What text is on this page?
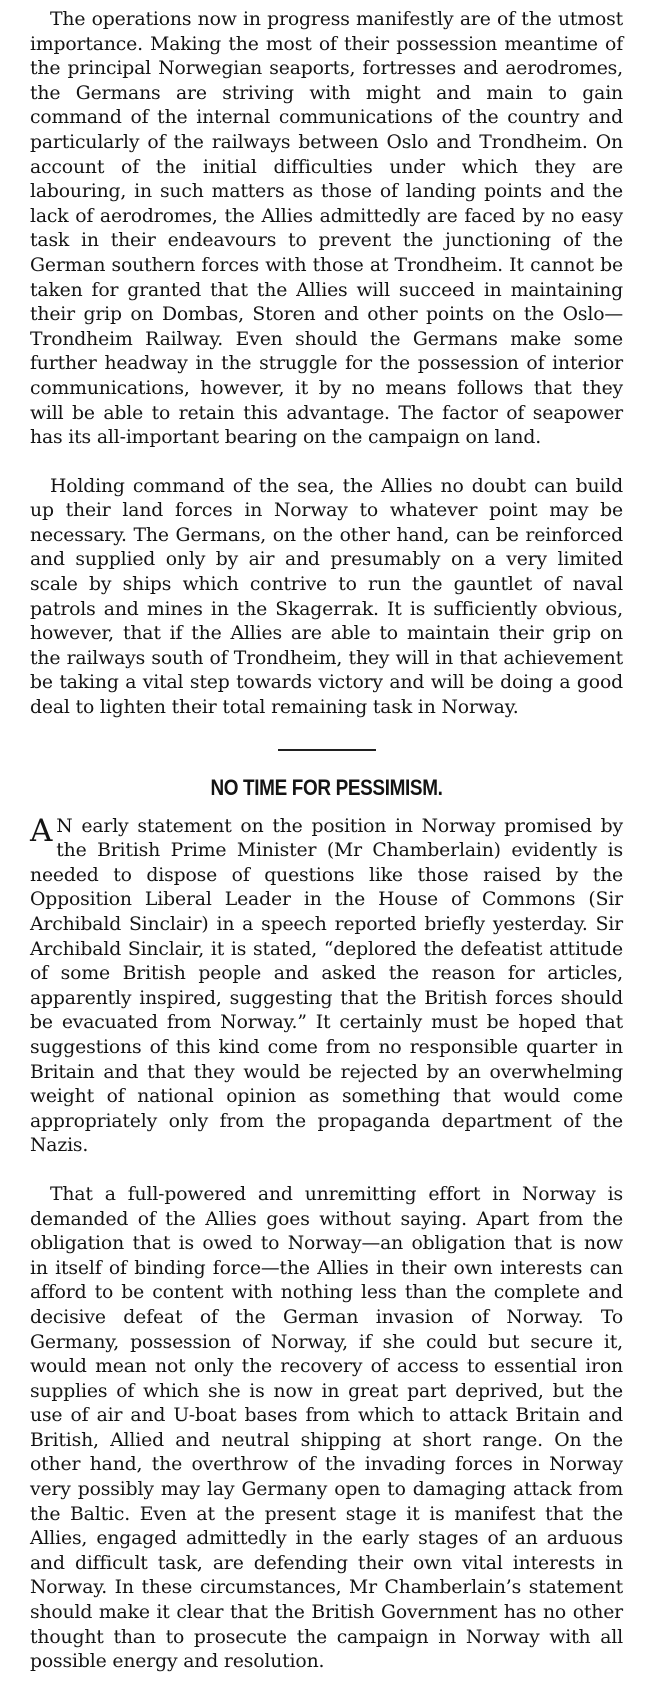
The operations now in progress manifestly are of the utmost importance. Making the most of their possession meantime of the principal Norwegian seaports, fortresses and aerodromes, the Germans are striving with might and main to gain command of the internal communications of the country and particularly of the railways between Oslo and Trondheim. On account of the initial difficulties under which they are labouring, in such matters as those of landing points and the lack of aerodromes, the Allies admittedly are faced by no easy task in their endeavours to prevent the junctioning of the German southern forces with those at Trondheim. It cannot be taken for granted that the Allies will succeed in maintaining their grip on Dombas, Storen and other points on the Oslo—Trondheim Railway. Even should the Germans make some further headway in the struggle for the possession of interior communications, however, it by no means follows that they will be able to retain this advantage. The factor of seapower has its all-important bearing on the campaign on land.

Holding command of the sea, the Allies no doubt can build up their land forces in Norway to whatever point may be necessary. The Germans, on the other hand, can be reinforced and supplied only by air and presumably on a very limited scale by ships which contrive to run the gauntlet of naval patrols and mines in the Skagerrak. It is sufficiently obvious, however, that if the Allies are able to maintain their grip on the railways south of Trondheim, they will in that achievement be taking a vital step towards victory and will be doing a good deal to lighten their total remaining task in Norway.

NO TIME FOR PESSIMISM.

A N early statement on the position in Norway promised by the British Prime Minister (Mr Chamberlain) evidently is needed to dispose of questions like those raised by the Opposition Liberal Leader in the House of Commons (Sir Archibald Sinclair) in a speech reported briefly yesterday. Sir Archibald Sinclair, it is stated, “deplored the defeatist attitude of some British people and asked the reason for articles, apparently inspired, suggesting that the British forces should be evacuated from Norway.” It certainly must be hoped that suggestions of this kind come from no responsible quarter in Britain and that they would be rejected by an overwhelming weight of national opinion as something that would come appropriately only from the propaganda department of the Nazis.

That a full-powered and unremitting effort in Norway is demanded of the Allies goes without saying. Apart from the obligation that is owed to Norway—an obligation that is now in itself of binding force—the Allies in their own interests can afford to be content with nothing less than the complete and decisive defeat of the German invasion of Norway. To Germany, possession of Norway, if she could but secure it, would mean not only the recovery of access to essential iron supplies of which she is now in great part deprived, but the use of air and U-boat bases from which to attack Britain and British, Allied and neutral shipping at short range. On the other hand, the overthrow of the invading forces in Norway very possibly may lay Germany open to damaging attack from the Baltic. Even at the present stage it is manifest that the Allies, engaged admittedly in the early stages of an arduous and difficult task, are defending their own vital interests in Norway. In these circumstances, Mr Chamberlain’s statement should make it clear that the British Government has no other thought than to prosecute the campaign in Norway with all possible energy and resolution.
